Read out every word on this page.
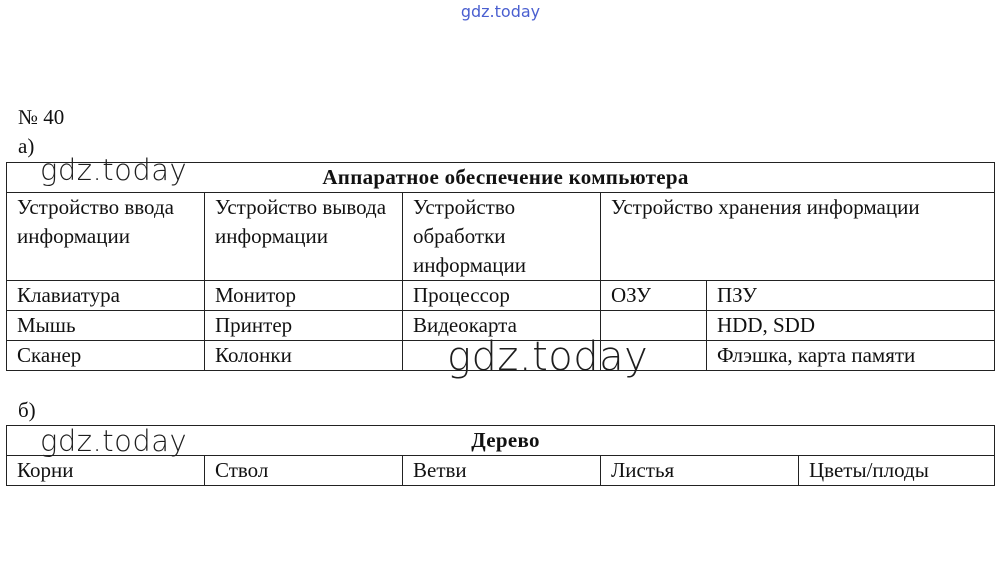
gdz.today
№ 40
а)
Аппаратное обеспечение компьютера				
Устройство ввода информации	Устройство вывода информации	Устройство обработки информации	Устройство хранения информации	
Клавиатура	Монитор	Процессор	ОЗУ	ПЗУ
Мышь	Принтер	Видеокарта		HDD, SDD
Сканер	Колонки			Флэшка, карта памяти
б)
Дерево
Корни	Ствол	Ветви	Листья	Цветы/плоды
gdz.today
gdz.today
gdz.today
